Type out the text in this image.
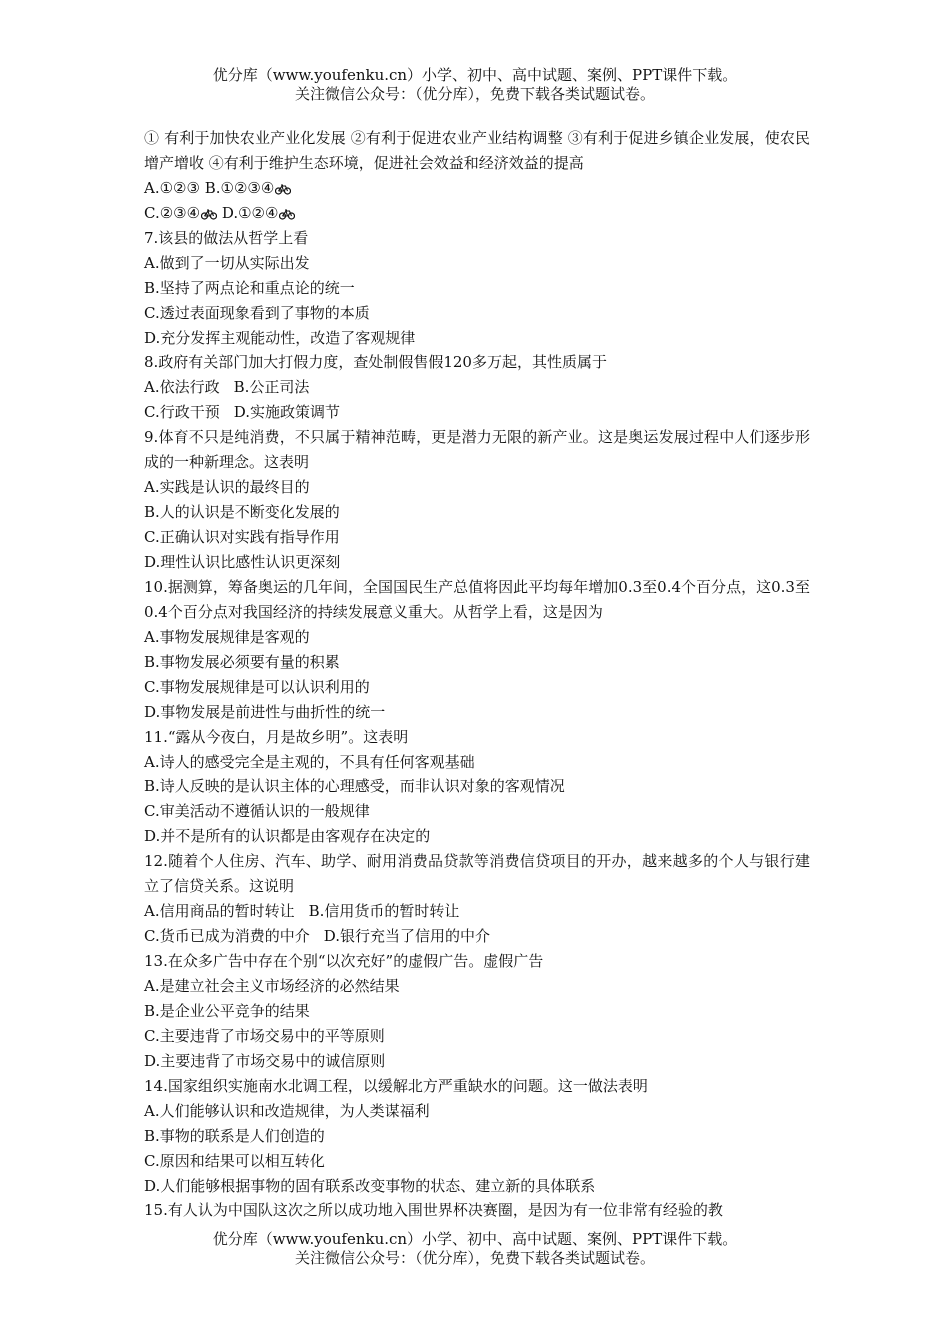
优分库（www.youfenku.cn）小学、初中、高中试题、案例、PPT课件下载。
关注微信公众号：（优分库），免费下载各类试题试卷。
① 有利于加快农业产业化发展 ②有利于促进农业产业结构调整 ③有利于促进乡镇企业发展，使农民增产增收 ④有利于维护生态环境，促进社会效益和经济效益的提高
A.①②③ B.①②③④
C.②③④ D.①②④
7.该县的做法从哲学上看
A.做到了一切从实际出发
B.坚持了两点论和重点论的统一
C.透过表面现象看到了事物的本质
D.充分发挥主观能动性，改造了客观规律
8.政府有关部门加大打假力度，查处制假售假120多万起，其性质属于
A.依法行政 B.公正司法
C.行政干预 D.实施政策调节
9.体育不只是纯消费，不只属于精神范畴，更是潜力无限的新产业。这是奥运发展过程中人们逐步形成的一种新理念。这表明
A.实践是认识的最终目的
B.人的认识是不断变化发展的
C.正确认识对实践有指导作用
D.理性认识比感性认识更深刻
10.据测算，筹备奥运的几年间，全国国民生产总值将因此平均每年增加0.3至0.4个百分点，这0.3至0.4个百分点对我国经济的持续发展意义重大。从哲学上看，这是因为
A.事物发展规律是客观的
B.事物发展必须要有量的积累
C.事物发展规律是可以认识利用的
D.事物发展是前进性与曲折性的统一
11.“露从今夜白，月是故乡明”。这表明
A.诗人的感受完全是主观的，不具有任何客观基础
B.诗人反映的是认识主体的心理感受，而非认识对象的客观情况
C.审美活动不遵循认识的一般规律
D.并不是所有的认识都是由客观存在决定的
12.随着个人住房、汽车、助学、耐用消费品贷款等消费信贷项目的开办，越来越多的个人与银行建立了信贷关系。这说明
A.信用商品的暂时转让 B.信用货币的暂时转让
C.货币已成为消费的中介 D.银行充当了信用的中介
13.在众多广告中存在个别“以次充好”的虚假广告。虚假广告
A.是建立社会主义市场经济的必然结果
B.是企业公平竞争的结果
C.主要违背了市场交易中的平等原则
D.主要违背了市场交易中的诚信原则
14.国家组织实施南水北调工程，以缓解北方严重缺水的问题。这一做法表明
A.人们能够认识和改造规律，为人类谋福利
B.事物的联系是人们创造的
C.原因和结果可以相互转化
D.人们能够根据事物的固有联系改变事物的状态、建立新的具体联系
15.有人认为中国队这次之所以成功地入围世界杯决赛圈，是因为有一位非常有经验的教
优分库（www.youfenku.cn）小学、初中、高中试题、案例、PPT课件下载。
关注微信公众号：（优分库），免费下载各类试题试卷。
